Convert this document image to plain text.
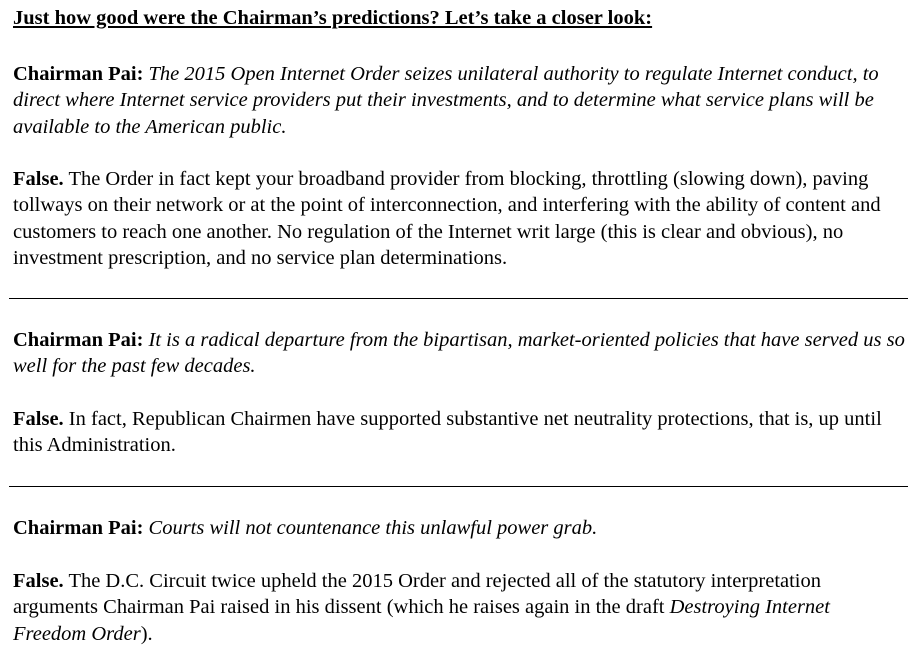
Just how good were the Chairman’s predictions? Let’s take a closer look:
Chairman Pai: The 2015 Open Internet Order seizes unilateral authority to regulate Internet conduct, to direct where Internet service providers put their investments, and to determine what service plans will be available to the American public.
False. The Order in fact kept your broadband provider from blocking, throttling (slowing down), paving tollways on their network or at the point of interconnection, and interfering with the ability of content and customers to reach one another. No regulation of the Internet writ large (this is clear and obvious), no investment prescription, and no service plan determinations.
Chairman Pai: It is a radical departure from the bipartisan, market-oriented policies that have served us so well for the past few decades.
False. In fact, Republican Chairmen have supported substantive net neutrality protections, that is, up until this Administration.
Chairman Pai: Courts will not countenance this unlawful power grab.
False. The D.C. Circuit twice upheld the 2015 Order and rejected all of the statutory interpretation arguments Chairman Pai raised in his dissent (which he raises again in the draft Destroying Internet Freedom Order).
